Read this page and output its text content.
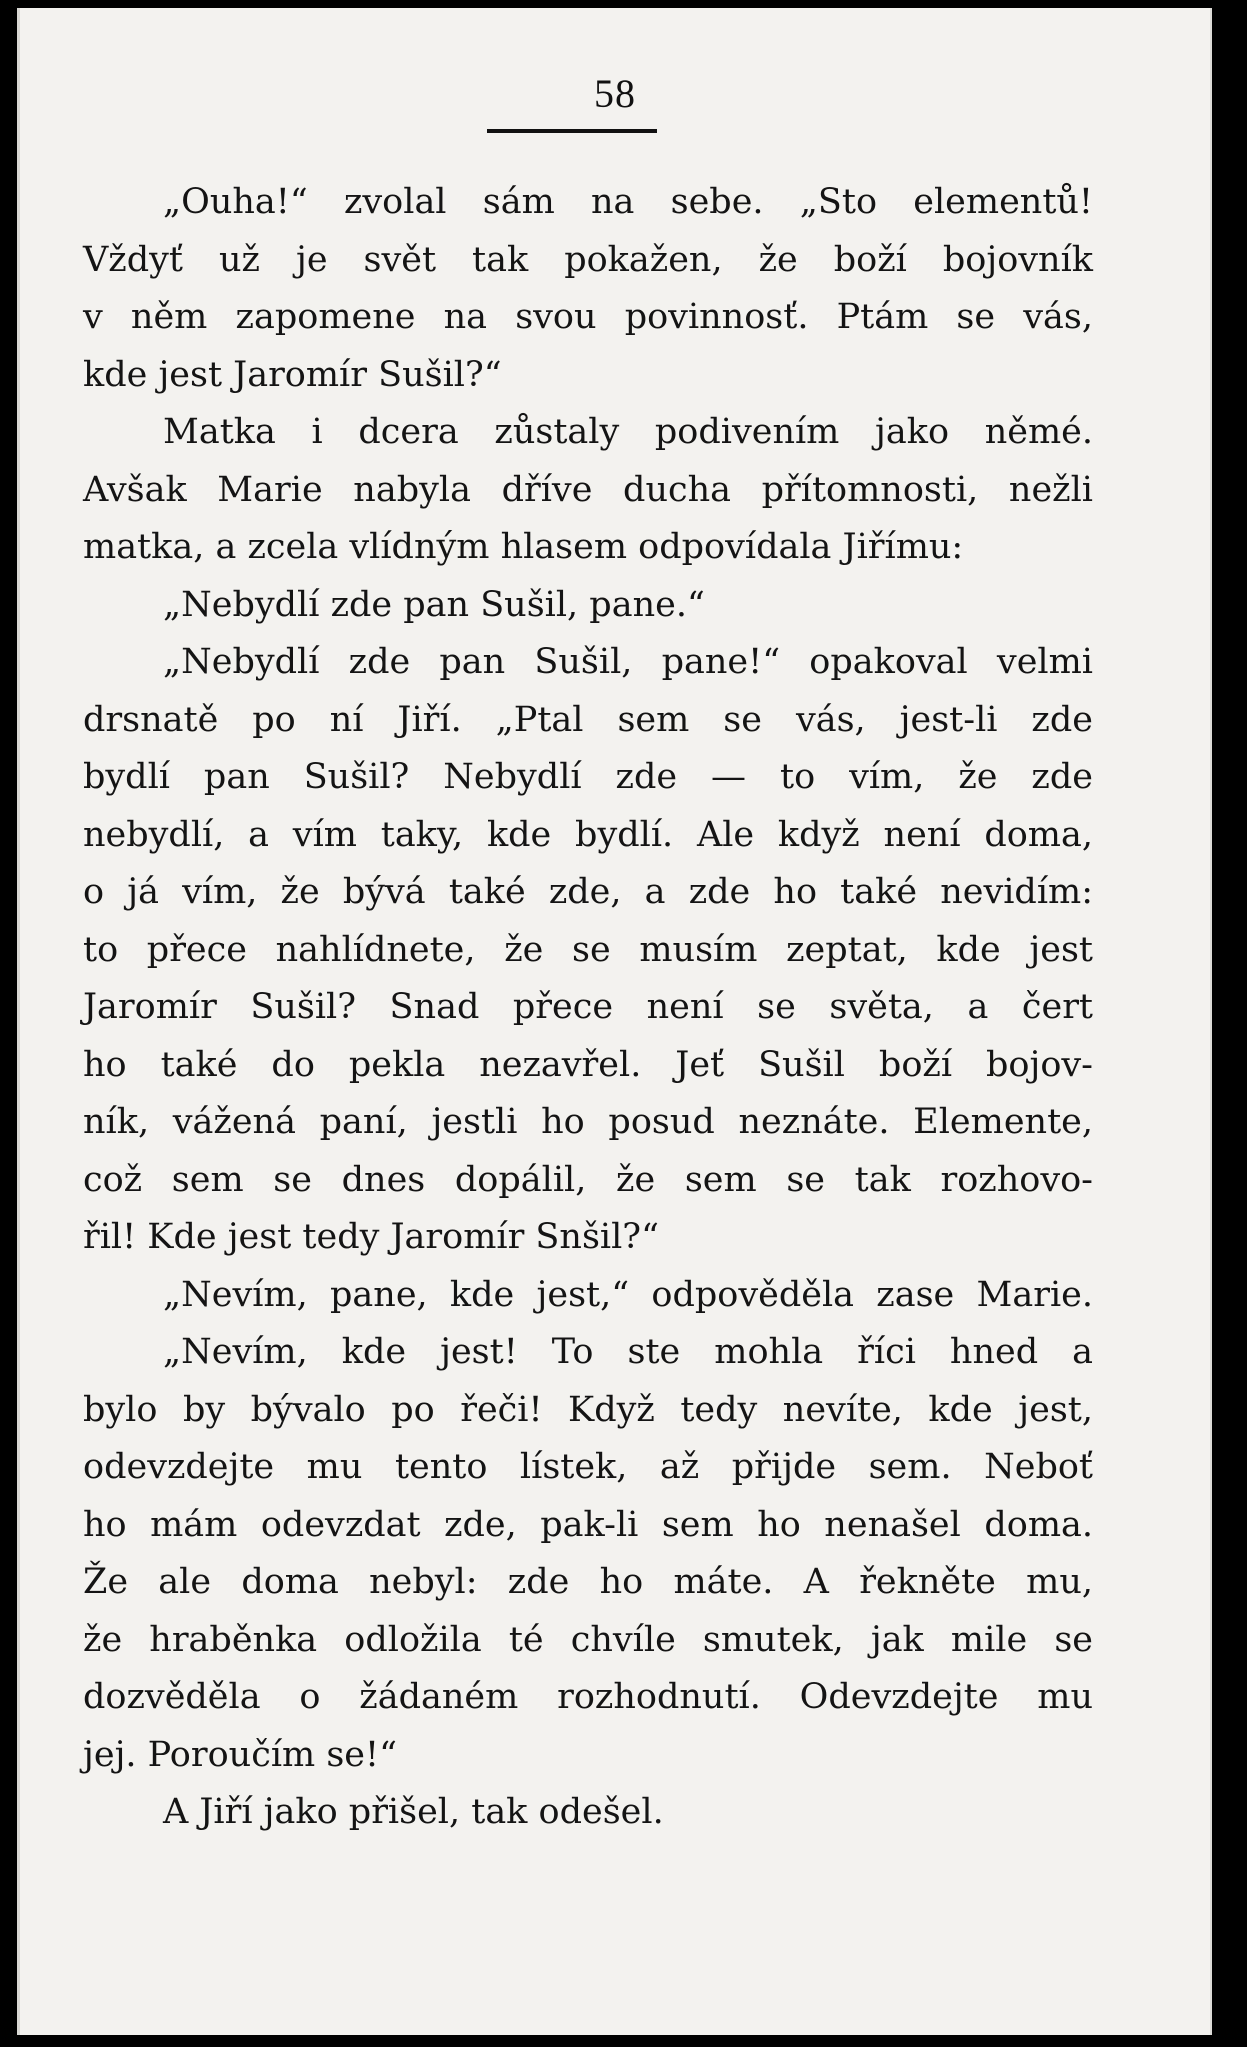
58
„Ouha!“ zvolal sám na sebe. „Sto elementů!
Vždyť už je svět tak pokažen, že boží bojovník
v něm zapomene na svou povinnosť. Ptám se vás,
kde jest Jaromír Sušil?“
Matka i dcera zůstaly podivením jako němé.
Avšak Marie nabyla dříve ducha přítomnosti, nežli
matka, a zcela vlídným hlasem odpovídala Jiřímu:
„Nebydlí zde pan Sušil, pane.“
„Nebydlí zde pan Sušil, pane!“ opakoval velmi
drsnatě po ní Jiří. „Ptal sem se vás, jest-li zde
bydlí pan Sušil? Nebydlí zde — to vím, že zde
nebydlí, a vím taky, kde bydlí. Ale když není doma,
o já vím, že bývá také zde, a zde ho také nevidím:
to přece nahlídnete, že se musím zeptat, kde jest
Jaromír Sušil? Snad přece není se světa, a čert
ho také do pekla nezavřel. Jeť Sušil boží bojov-
ník, vážená paní, jestli ho posud neznáte. Elemente,
což sem se dnes dopálil, že sem se tak rozhovo-
řil! Kde jest tedy Jaromír Snšil?“
„Nevím, pane, kde jest,“ odpověděla zase Marie.
„Nevím, kde jest! To ste mohla říci hned a
bylo by bývalo po řeči! Když tedy nevíte, kde jest,
odevzdejte mu tento lístek, až přijde sem. Neboť
ho mám odevzdat zde, pak-li sem ho nenašel doma.
Že ale doma nebyl: zde ho máte. A řekněte mu,
že hraběnka odložila té chvíle smutek, jak mile se
dozvěděla o žádaném rozhodnutí. Odevzdejte mu
jej. Poroučím se!“
A Jiří jako přišel, tak odešel.
